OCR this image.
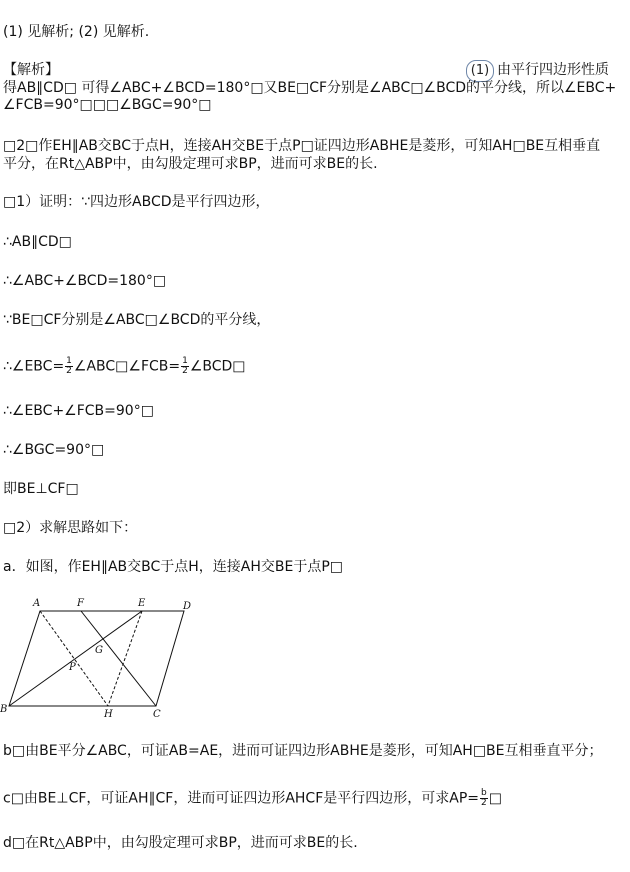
(1) 见解析; (2) 见解析.
【解析】	(1) 由平行四边形性质
得AB∥CD□ 可得∠ABC+∠BCD=180°□又BE□CF分别是∠ABC□∠BCD的平分线，所以∠EBC+
∠FCB=90°□□□∠BGC=90°□
□2□作EH∥AB交BC于点H，连接AH交BE于点P□证四边形ABHE是菱形，可知AH□BE互相垂直
平分，在Rt△ABP中，由勾股定理可求BP，进而可求BE的长.
□1）证明：∵四边形ABCD是平行四边形，
∴AB∥CD□
∴∠ABC+∠BCD=180°□
∵BE□CF分别是∠ABC□∠BCD的平分线，
∴∠EBC= $\frac{1}{2}$ ∠ABC□∠FCB= $\frac{1}{2}$ ∠BCD□
∴∠EBC+∠FCB=90°□
∴∠BGC=90°□
即BE⊥CF□
□2）求解思路如下：
a．如图，作EH∥AB交BC于点H，连接AH交BE于点P□
A	F	E	D
G
P
B	H	C
b□由BE平分∠ABC，可证AB=AE，进而可证四边形ABHE是菱形，可知AH□BE互相垂直平分；
c□由BE⊥CF，可证AH∥CF，进而可证四边形AHCF是平行四边形，可求$AP= \frac{b}{2}$ □
d□在Rt△ABP中，由勾股定理可求BP，进而可求BE的长.
